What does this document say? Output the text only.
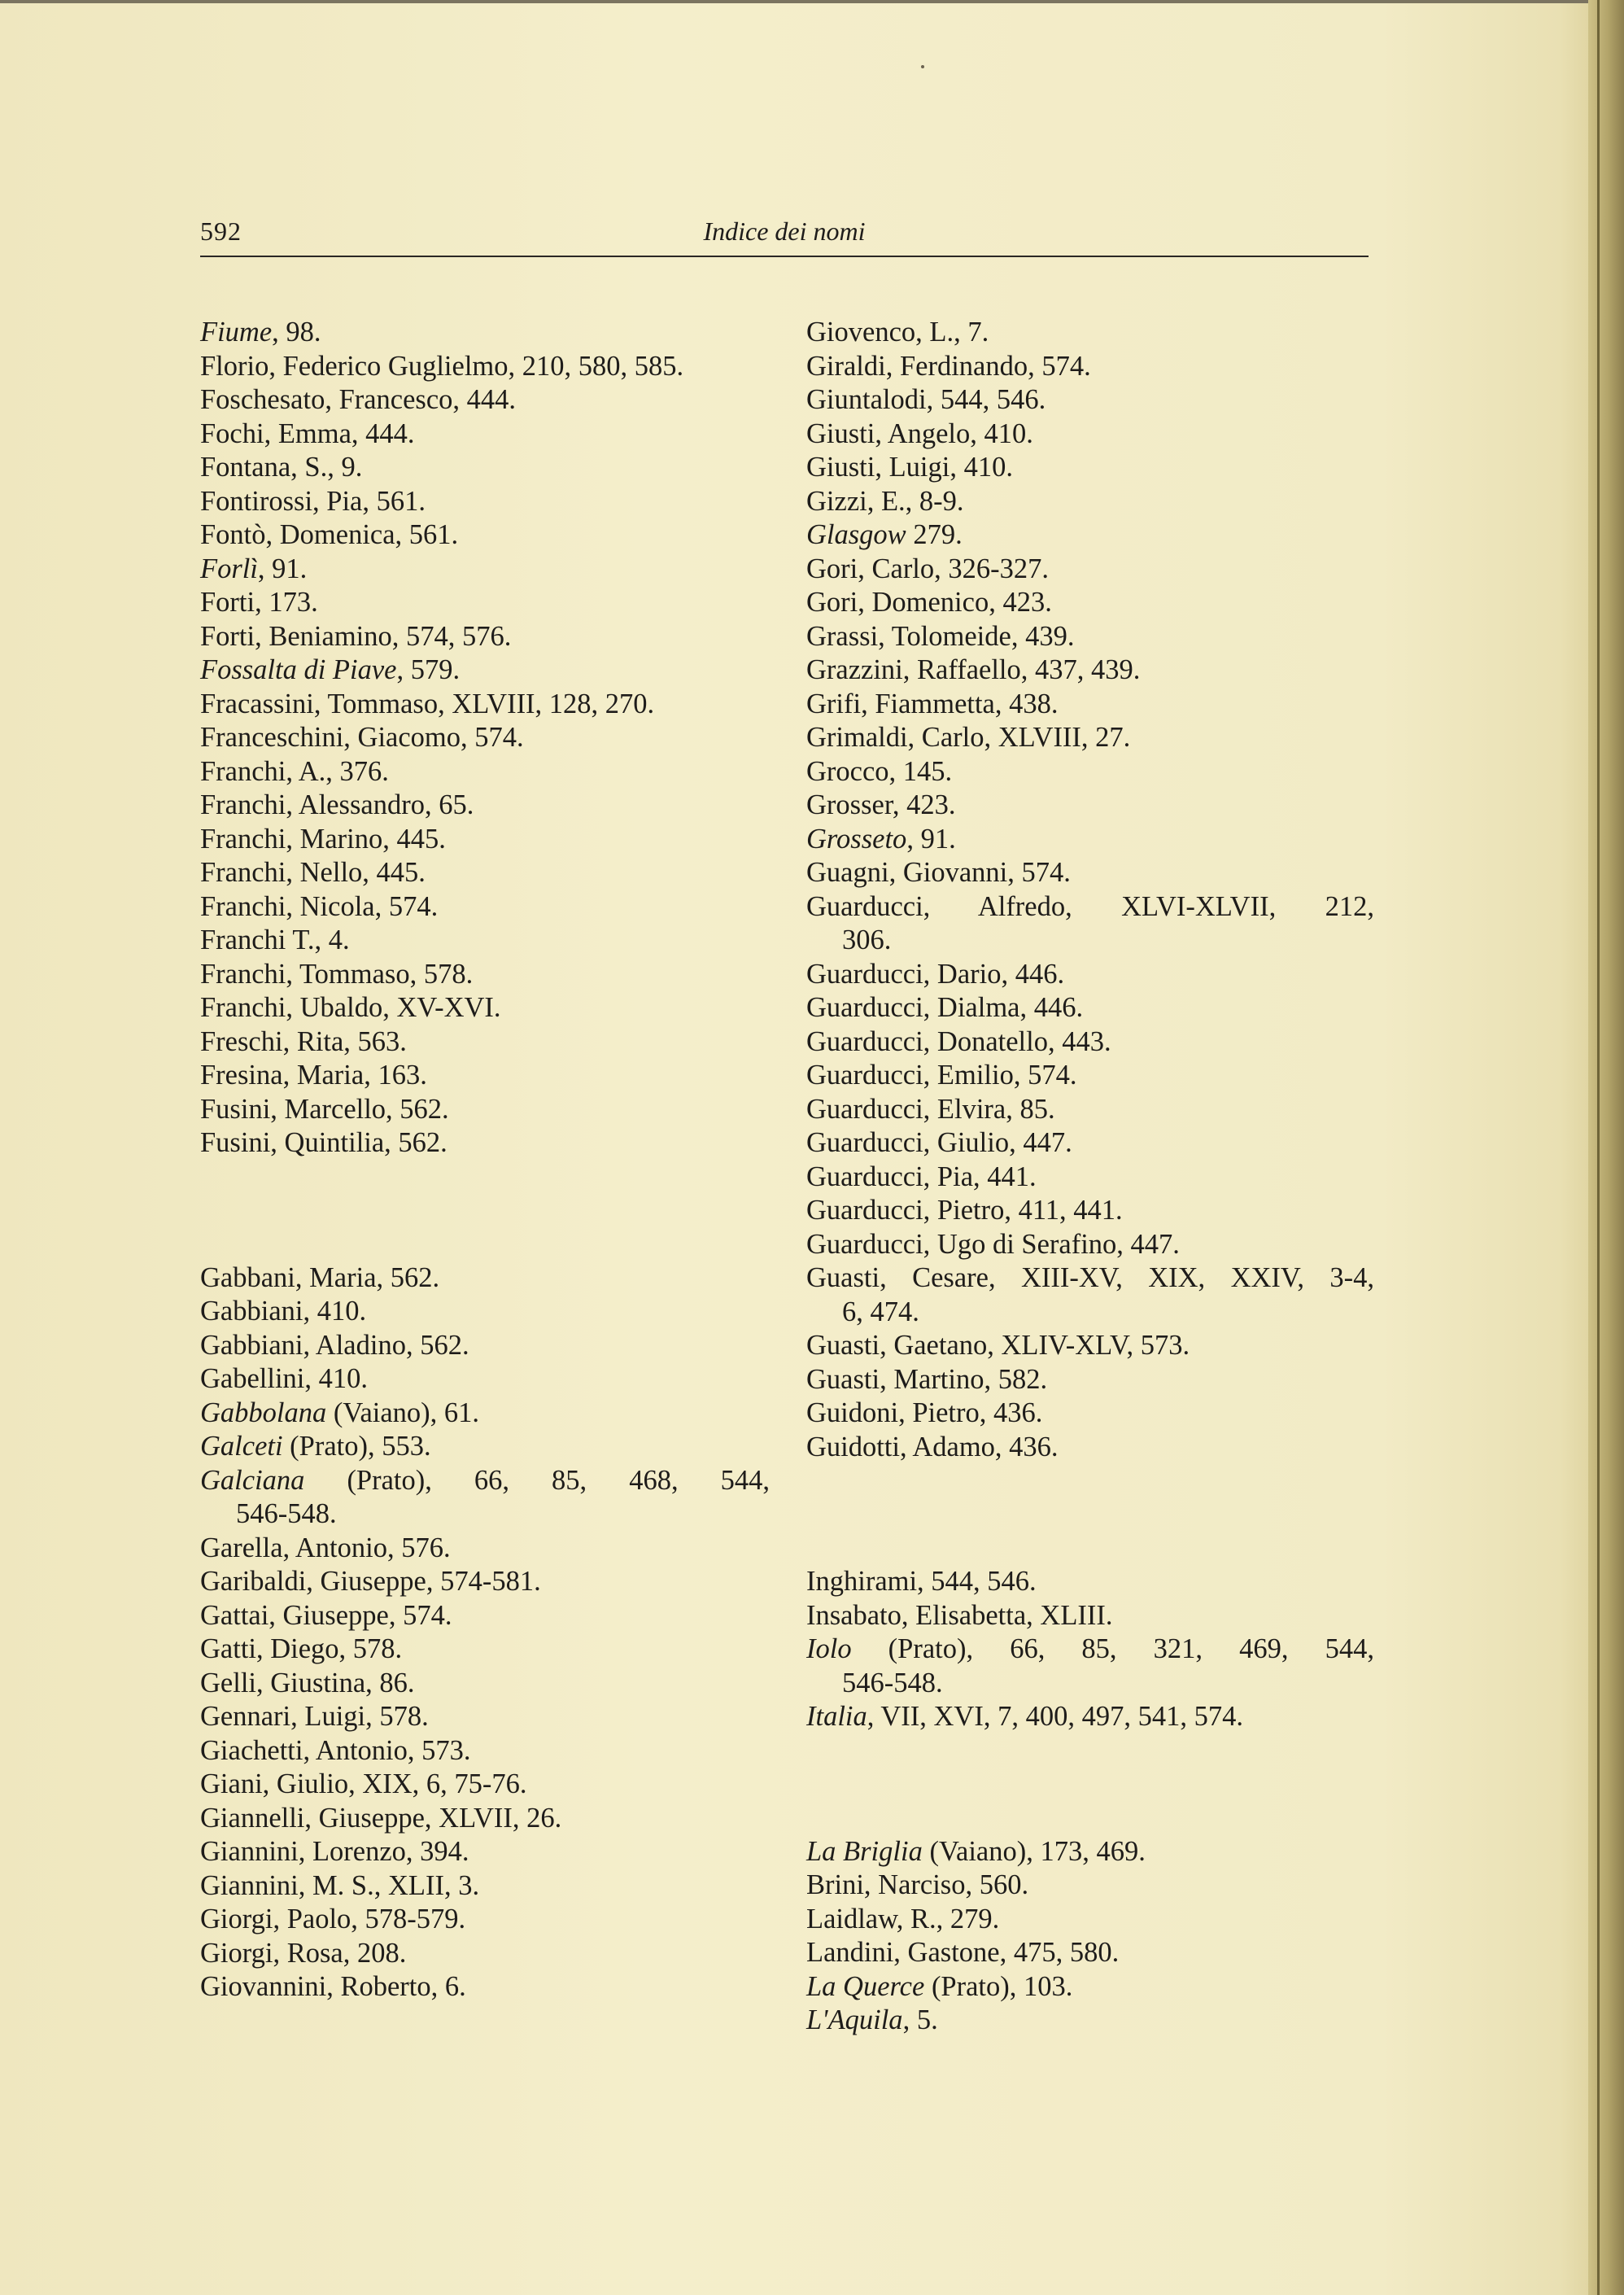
592	Indice dei nomi
Fiume, 98.
Florio, Federico Guglielmo, 210, 580, 585.
Foschesato, Francesco, 444.
Fochi, Emma, 444.
Fontana, S., 9.
Fontirossi, Pia, 561.
Fontò, Domenica, 561.
Forlì, 91.
Forti, 173.
Forti, Beniamino, 574, 576.
Fossalta di Piave, 579.
Fracassini, Tommaso, XLVIII, 128, 270.
Franceschini, Giacomo, 574.
Franchi, A., 376.
Franchi, Alessandro, 65.
Franchi, Marino, 445.
Franchi, Nello, 445.
Franchi, Nicola, 574.
Franchi T., 4.
Franchi, Tommaso, 578.
Franchi, Ubaldo, XV-XVI.
Freschi, Rita, 563.
Fresina, Maria, 163.
Fusini, Marcello, 562.
Fusini, Quintilia, 562.
Gabbani, Maria, 562.
Gabbiani, 410.
Gabbiani, Aladino, 562.
Gabellini, 410.
Gabbolana (Vaiano), 61.
Galceti (Prato), 553.
Galciana (Prato), 66, 85, 468, 544,
546-548.
Garella, Antonio, 576.
Garibaldi, Giuseppe, 574-581.
Gattai, Giuseppe, 574.
Gatti, Diego, 578.
Gelli, Giustina, 86.
Gennari, Luigi, 578.
Giachetti, Antonio, 573.
Giani, Giulio, XIX, 6, 75-76.
Giannelli, Giuseppe, XLVII, 26.
Giannini, Lorenzo, 394.
Giannini, M. S., XLII, 3.
Giorgi, Paolo, 578-579.
Giorgi, Rosa, 208.
Giovannini, Roberto, 6.
Giovenco, L., 7.
Giraldi, Ferdinando, 574.
Giuntalodi, 544, 546.
Giusti, Angelo, 410.
Giusti, Luigi, 410.
Gizzi, E., 8-9.
Glasgow 279.
Gori, Carlo, 326-327.
Gori, Domenico, 423.
Grassi, Tolomeide, 439.
Grazzini, Raffaello, 437, 439.
Grifi, Fiammetta, 438.
Grimaldi, Carlo, XLVIII, 27.
Grocco, 145.
Grosser, 423.
Grosseto, 91.
Guagni, Giovanni, 574.
Guarducci, Alfredo, XLVI-XLVII, 212,
306.
Guarducci, Dario, 446.
Guarducci, Dialma, 446.
Guarducci, Donatello, 443.
Guarducci, Emilio, 574.
Guarducci, Elvira, 85.
Guarducci, Giulio, 447.
Guarducci, Pia, 441.
Guarducci, Pietro, 411, 441.
Guarducci, Ugo di Serafino, 447.
Guasti, Cesare, XIII-XV, XIX, XXIV, 3-4,
6, 474.
Guasti, Gaetano, XLIV-XLV, 573.
Guasti, Martino, 582.
Guidoni, Pietro, 436.
Guidotti, Adamo, 436.
Inghirami, 544, 546.
Insabato, Elisabetta, XLIII.
Iolo (Prato), 66, 85, 321, 469, 544,
546-548.
Italia, VII, XVI, 7, 400, 497, 541, 574.
La Briglia (Vaiano), 173, 469.
Brini, Narciso, 560.
Laidlaw, R., 279.
Landini, Gastone, 475, 580.
La Querce (Prato), 103.
L'Aquila, 5.
